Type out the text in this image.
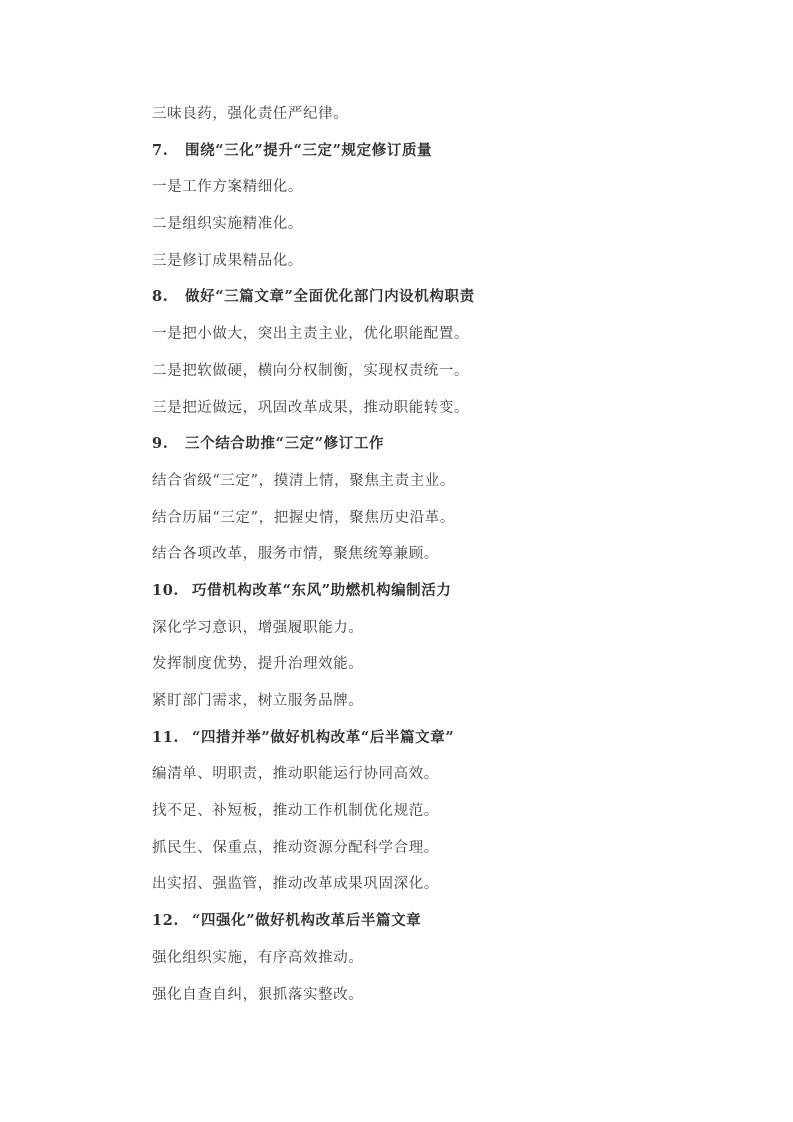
三味良药，强化责任严纪律。
7. 围绕“三化”提升“三定”规定修订质量
一是工作方案精细化。
二是组织实施精准化。
三是修订成果精品化。
8. 做好“三篇文章”全面优化部门内设机构职责
一是把小做大，突出主责主业，优化职能配置。
二是把软做硬，横向分权制衡，实现权责统一。
三是把近做远，巩固改革成果，推动职能转变。
9. 三个结合助推“三定”修订工作
结合省级“三定”，摸清上情，聚焦主责主业。
结合历届“三定”，把握史情，聚焦历史沿革。
结合各项改革，服务市情，聚焦统筹兼顾。
10. 巧借机构改革“东风”助燃机构编制活力
深化学习意识，增强履职能力。
发挥制度优势，提升治理效能。
紧盯部门需求，树立服务品牌。
11. “四措并举”做好机构改革“后半篇文章”
编清单、明职责，推动职能运行协同高效。
找不足、补短板，推动工作机制优化规范。
抓民生、保重点，推动资源分配科学合理。
出实招、强监管，推动改革成果巩固深化。
12. “四强化”做好机构改革后半篇文章
强化组织实施，有序高效推动。
强化自查自纠，狠抓落实整改。
